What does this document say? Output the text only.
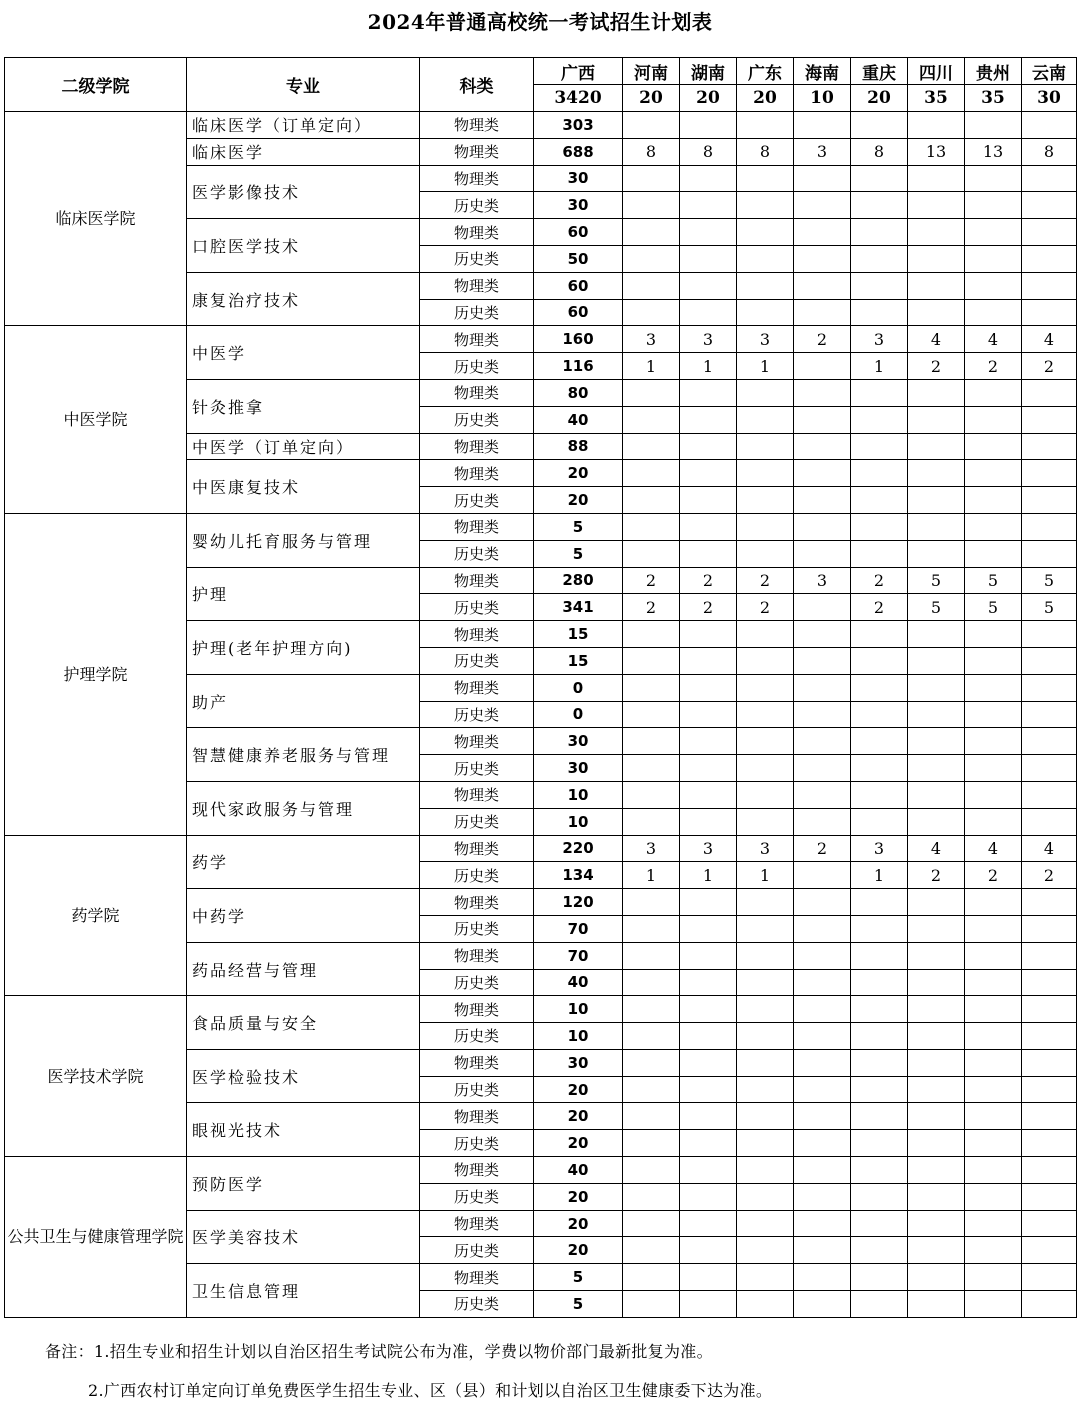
2024年普通高校统一考试招生计划表
二级学院	专业	科类	广西	河南	湖南	广东	海南	重庆	四川	贵州	云南
			3420	20	20	20	10	20	35	35	30
临床医学院	临床医学（订单定向）	物理类	303								
	临床医学	物理类	688	8	8	8	3	8	13	13	8
	医学影像技术	物理类	30								
		历史类	30								
	口腔医学技术	物理类	60								
		历史类	50								
	康复治疗技术	物理类	60								
		历史类	60								
中医学院	中医学	物理类	160	3	3	3	2	3	4	4	4
		历史类	116	1	1	1		1	2	2	2
	针灸推拿	物理类	80								
		历史类	40								
	中医学（订单定向）	物理类	88								
	中医康复技术	物理类	20								
		历史类	20								
护理学院	婴幼儿托育服务与管理	物理类	5								
		历史类	5								
	护理	物理类	280	2	2	2	3	2	5	5	5
		历史类	341	2	2	2		2	5	5	5
	护理(老年护理方向)	物理类	15								
		历史类	15								
	助产	物理类	0								
		历史类	0								
	智慧健康养老服务与管理	物理类	30								
		历史类	30								
	现代家政服务与管理	物理类	10								
		历史类	10								
药学院	药学	物理类	220	3	3	3	2	3	4	4	4
		历史类	134	1	1	1		1	2	2	2
	中药学	物理类	120								
		历史类	70								
	药品经营与管理	物理类	70								
		历史类	40								
医学技术学院	食品质量与安全	物理类	10								
		历史类	10								
	医学检验技术	物理类	30								
		历史类	20								
	眼视光技术	物理类	20								
		历史类	20								
公共卫生与健康管理学院	预防医学	物理类	40								
		历史类	20								
	医学美容技术	物理类	20								
		历史类	20								
	卫生信息管理	物理类	5								
		历史类	5								
备注：1.招生专业和招生计划以自治区招生考试院公布为准，学费以物价部门最新批复为准。
2.广西农村订单定向订单免费医学生招生专业、区（县）和计划以自治区卫生健康委下达为准。
